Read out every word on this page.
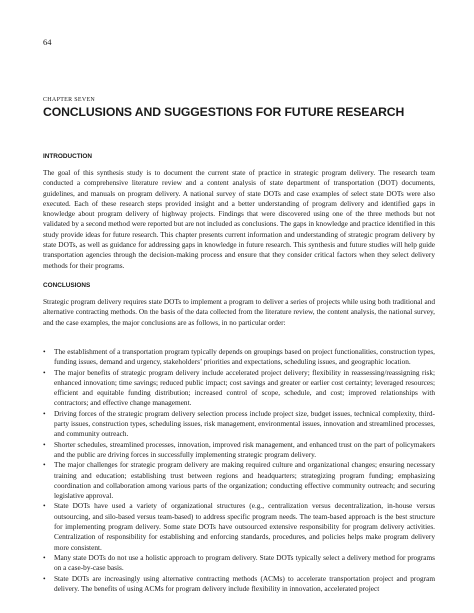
64
CHAPTER SEVEN
CONCLUSIONS AND SUGGESTIONS FOR FUTURE RESEARCH
INTRODUCTION

The goal of this synthesis study is to document the current state of practice in strategic program delivery. The research team conducted a comprehensive literature review and a content analysis of state department of transportation (DOT) documents, guidelines, and manuals on program delivery. A national survey of state DOTs and case examples of select state DOTs were also executed. Each of these research steps provided insight and a better understanding of program delivery and identified gaps in knowledge about program delivery of highway projects. Findings that were discovered using one of the three methods but not validated by a second method were reported but are not included as conclusions. The gaps in knowledge and practice identified in this study provide ideas for future research. This chapter presents current information and understanding of strategic program delivery by state DOTs, as well as guidance for addressing gaps in knowledge in future research. This synthesis and future studies will help guide transportation agencies through the decision-making process and ensure that they consider critical factors when they select delivery methods for their programs.

CONCLUSIONS

Strategic program delivery requires state DOTs to implement a program to deliver a series of projects while using both traditional and alternative contracting methods. On the basis of the data collected from the literature review, the content analysis, the national survey, and the case examples, the major conclusions are as follows, in no particular order:

• The establishment of a transportation program typically depends on groupings based on project functionalities, construction types, funding issues, demand and urgency, stakeholders’ priorities and expectations, scheduling issues, and geographic location.
• The major benefits of strategic program delivery include accelerated project delivery; flexibility in reassessing/reassigning risk; enhanced innovation; time savings; reduced public impact; cost savings and greater or earlier cost certainty; leveraged resources; efficient and equitable funding distribution; increased control of scope, schedule, and cost; improved relationships with contractors; and effective change management.
• Driving forces of the strategic program delivery selection process include project size, budget issues, technical complexity, third-party issues, construction types, scheduling issues, risk management, environmental issues, innovation and streamlined processes, and community outreach.
• Shorter schedules, streamlined processes, innovation, improved risk management, and enhanced trust on the part of policymakers and the public are driving forces in successfully implementing strategic program delivery.
• The major challenges for strategic program delivery are making required culture and organizational changes; ensuring necessary training and education; establishing trust between regions and headquarters; strategizing program funding; emphasizing coordination and collaboration among various parts of the organization; conducting effective community outreach; and securing legislative approval.
• State DOTs have used a variety of organizational structures (e.g., centralization versus decentralization, in-house versus outsourcing, and silo-based versus team-based) to address specific program needs. The team-based approach is the best structure for implementing program delivery. Some state DOTs have outsourced extensive responsibility for program delivery activities. Centralization of responsibility for establishing and enforcing standards, procedures, and policies helps make program delivery more consistent.
• Many state DOTs do not use a holistic approach to program delivery. State DOTs typically select a delivery method for programs on a case-by-case basis.
• State DOTs are increasingly using alternative contracting methods (ACMs) to accelerate transportation project and program delivery. The benefits of using ACMs for program delivery include flexibility in innovation, accelerated project
